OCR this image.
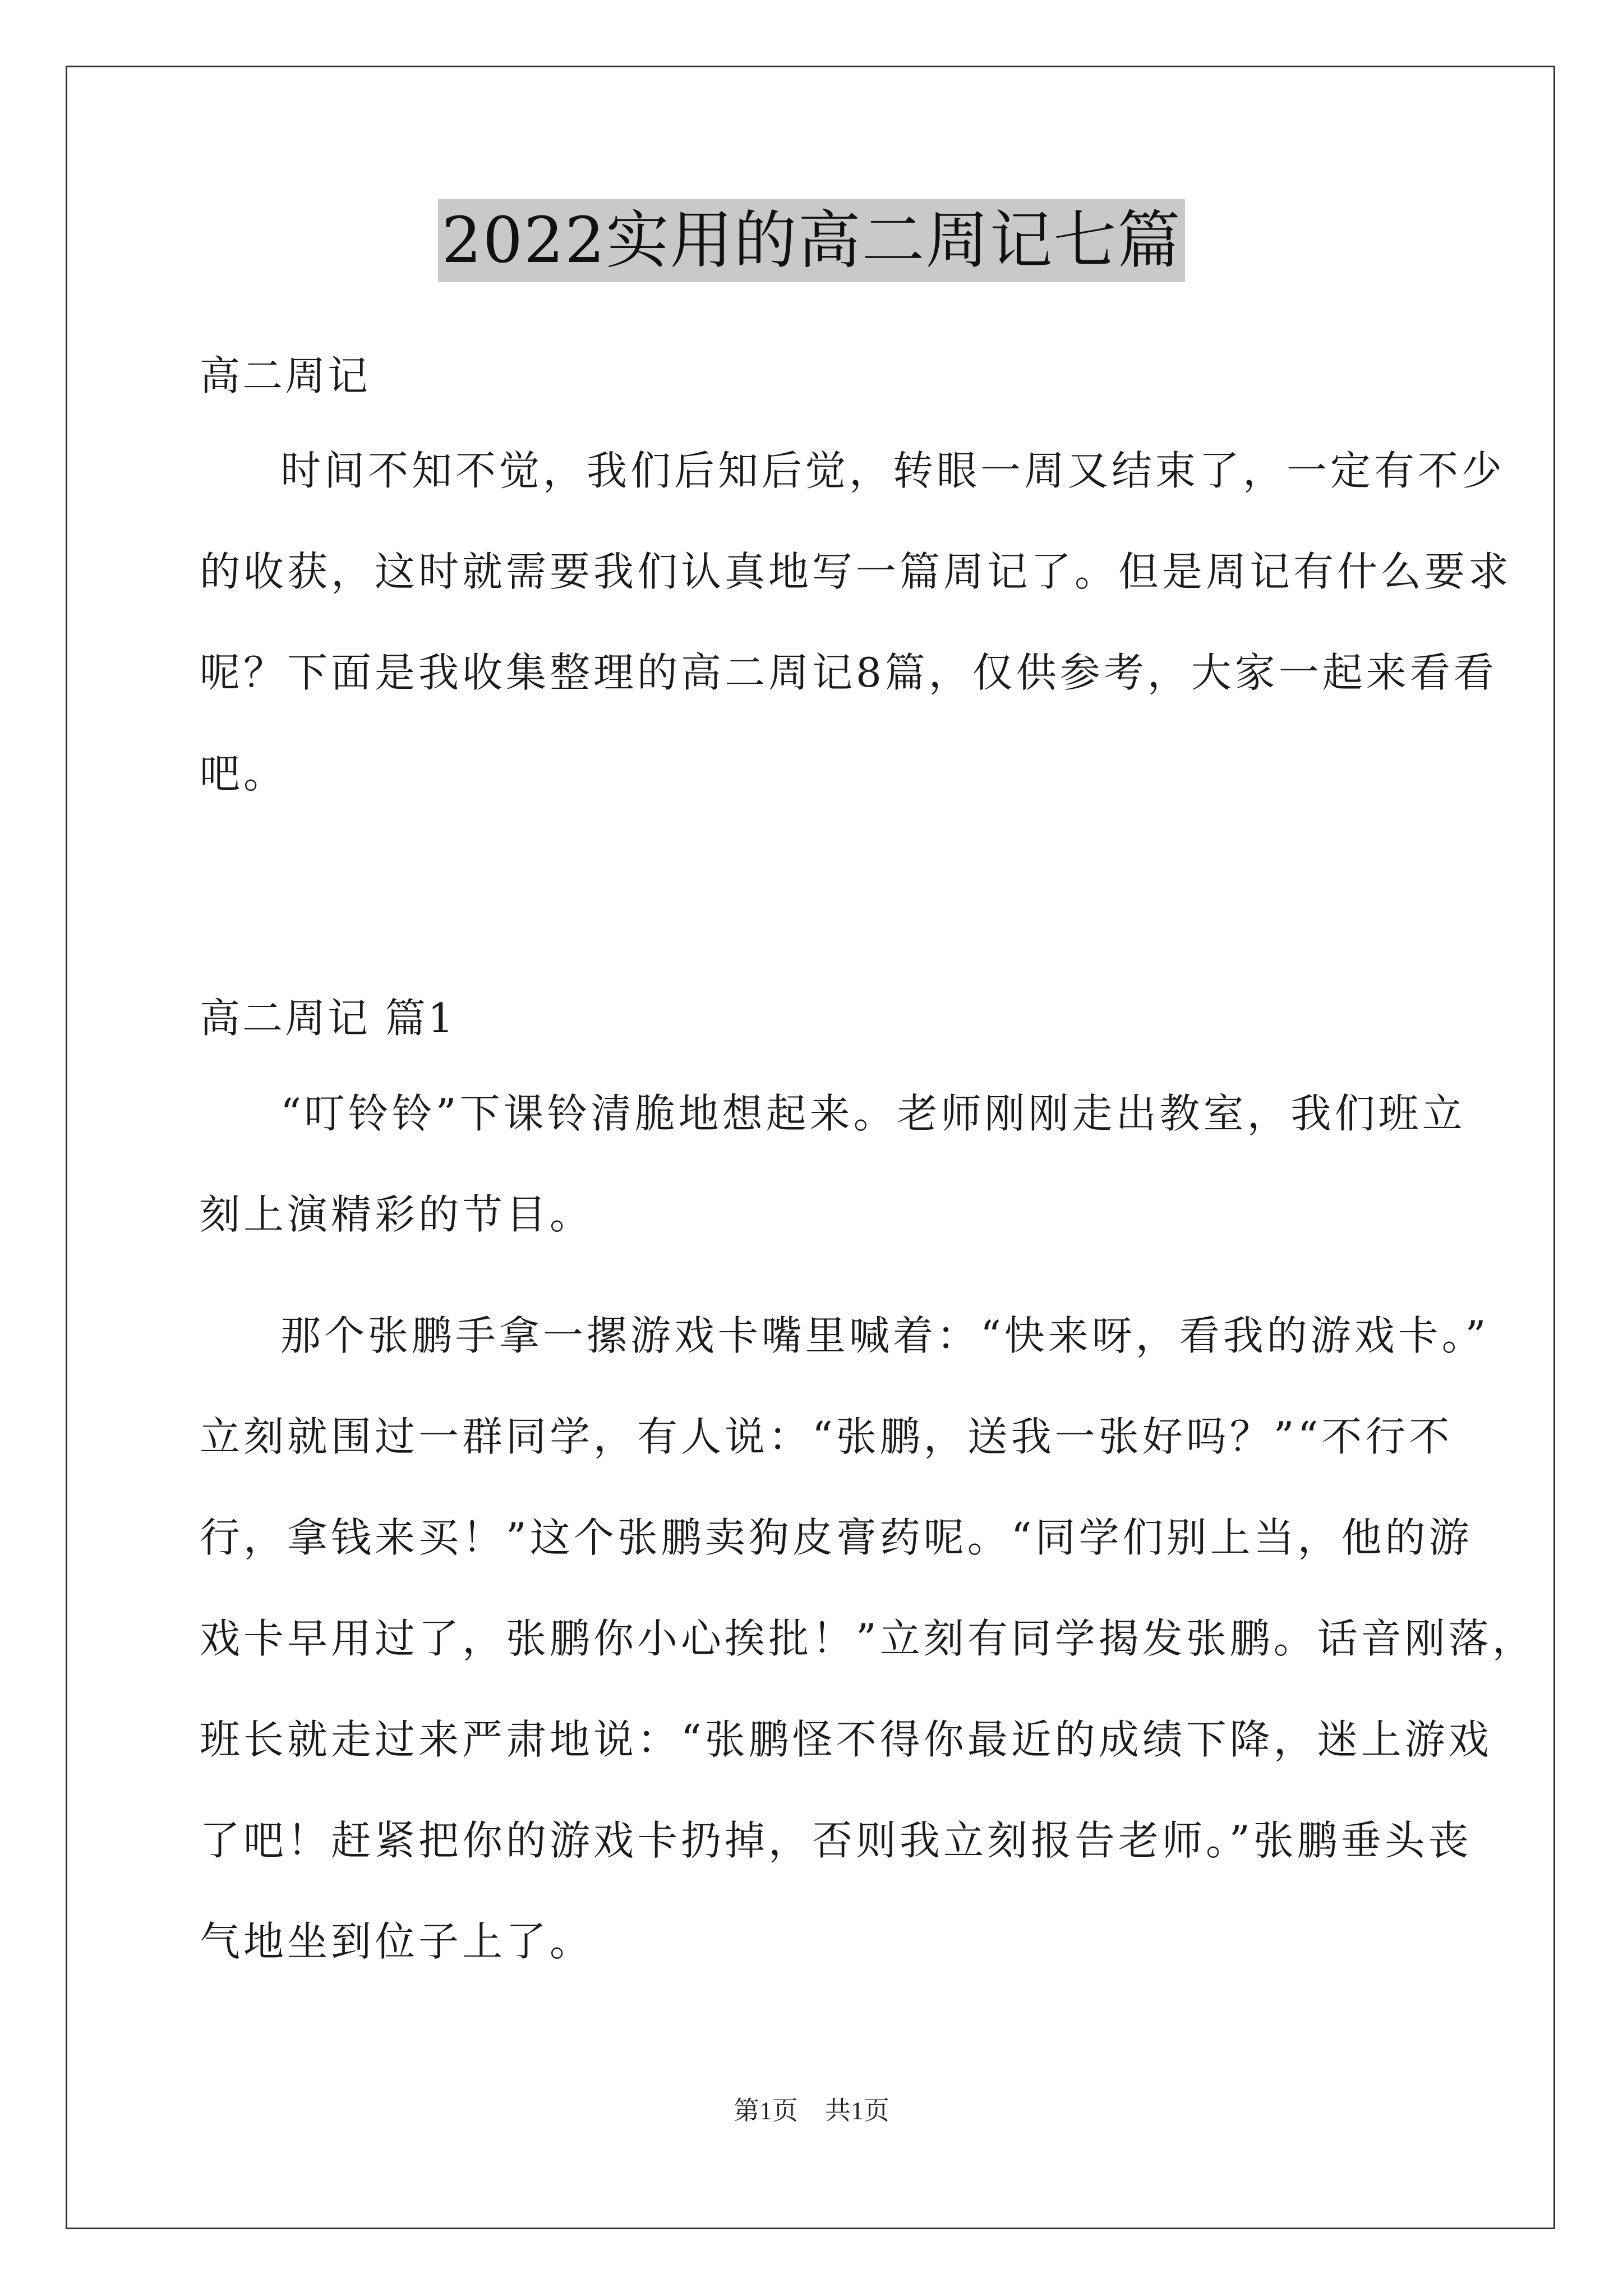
2022实用的高二周记七篇
高二周记
时间不知不觉，我们后知后觉，转眼一周又结束了，一定有不少
的收获，这时就需要我们认真地写一篇周记了。但是周记有什么要求
呢？下面是我收集整理的高二周记8篇，仅供参考，大家一起来看看
吧。
高二周记 篇1
“叮铃铃”下课铃清脆地想起来。老师刚刚走出教室，我们班立
刻上演精彩的节目。
那个张鹏手拿一摞游戏卡嘴里喊着：“快来呀，看我的游戏卡。”
立刻就围过一群同学，有人说：“张鹏，送我一张好吗？”“不行不
行，拿钱来买！”这个张鹏卖狗皮膏药呢。“同学们别上当，他的游
戏卡早用过了，张鹏你小心挨批！”立刻有同学揭发张鹏。话音刚落，
班长就走过来严肃地说：“张鹏怪不得你最近的成绩下降，迷上游戏
了吧！赶紧把你的游戏卡扔掉，否则我立刻报告老师。”张鹏垂头丧
气地坐到位子上了。
第1页 共1页
